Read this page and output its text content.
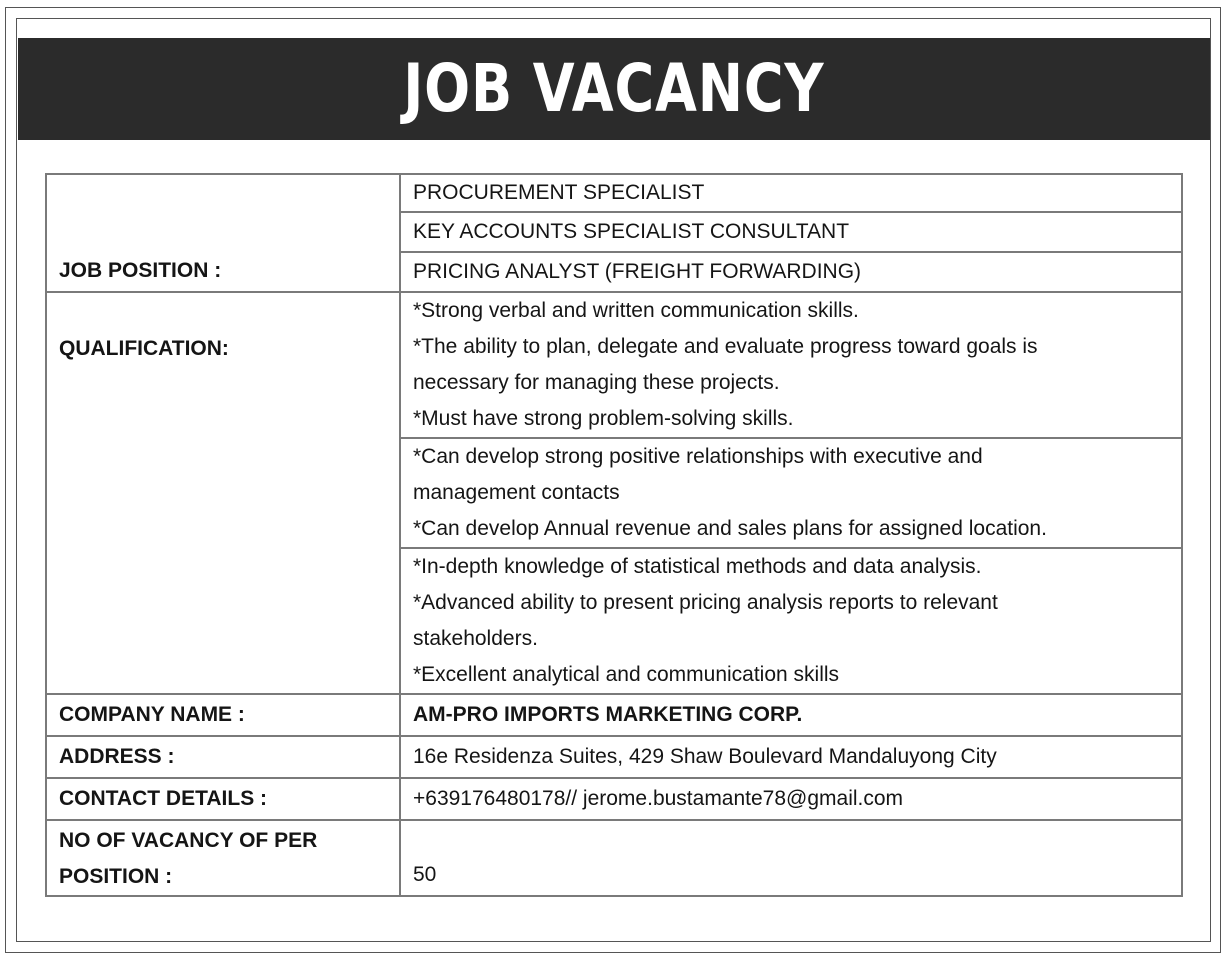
JOB VACANCY
JOB POSITION :	PROCUREMENT SPECIALIST
	KEY ACCOUNTS SPECIALIST CONSULTANT
	PRICING ANALYST (FREIGHT FORWARDING)
QUALIFICATION:	*Strong verbal and written communication skills.
*The ability to plan, delegate and evaluate progress toward goals is
necessary for managing these projects.
*Must have strong problem-solving skills.

	*Can develop strong positive relationships with executive and
management contacts
*Can develop Annual revenue and sales plans for assigned location.

	*In-depth knowledge of statistical methods and data analysis.
*Advanced ability to present pricing analysis reports to relevant
stakeholders.
*Excellent analytical and communication skills

COMPANY NAME :	AM-PRO IMPORTS MARKETING CORP.
ADDRESS :	16e Residenza Suites, 429 Shaw Boulevard Mandaluyong City
CONTACT DETAILS :	+639176480178// jerome.bustamante78@gmail.com

NO OF VACANCY OF PER
POSITION :	50
